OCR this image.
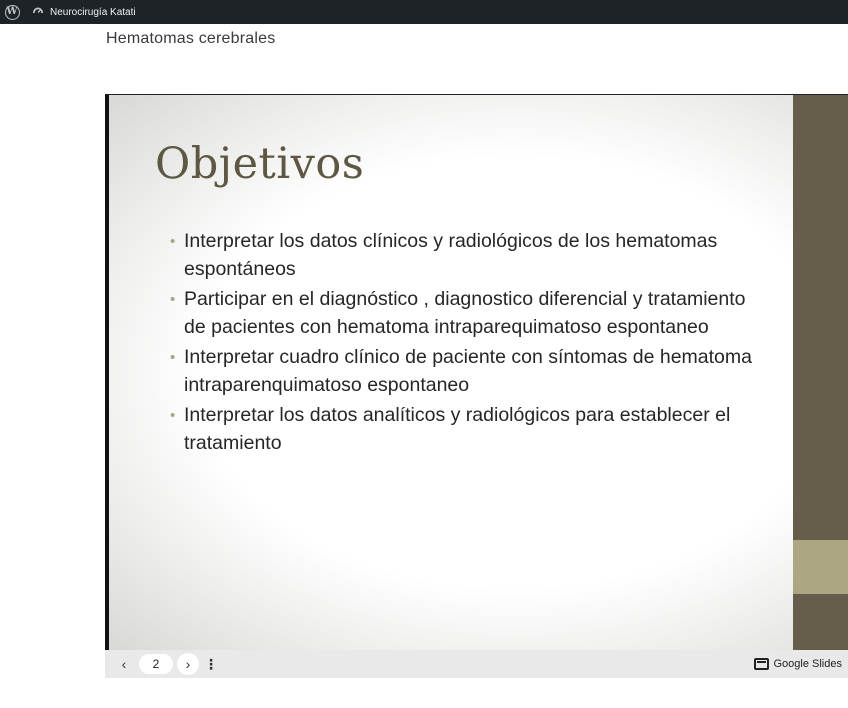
W	Neurocirugía Katati
Hematomas cerebrales
Objetivos
• Interpretar los datos clínicos y radiológicos de los hematomas espontáneos
• Participar en el diagnóstico , diagnostico diferencial y tratamiento de pacientes con hematoma intraparequimatoso espontaneo
• Interpretar cuadro clínico de paciente con síntomas de hematoma intraparenquimatoso espontaneo
• Interpretar los datos analíticos y radiológicos para establecer el tratamiento
‹	2	› ⋮	Google Slides
